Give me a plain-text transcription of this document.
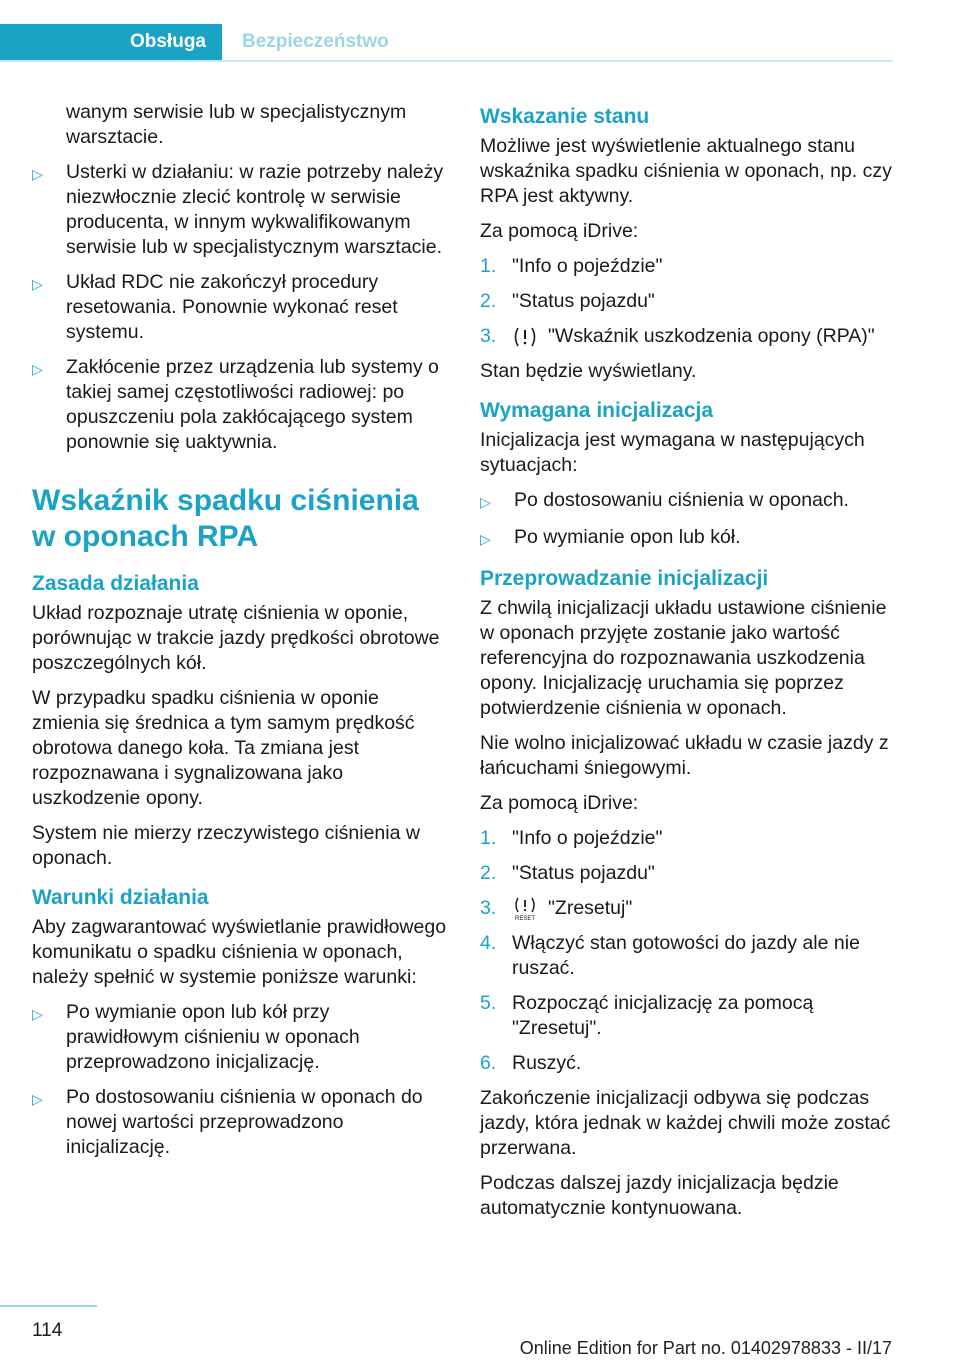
Obsługa	Bezpieczeństwo

wanym serwisie lub w specjalistycznym warsztacie.

▷	Usterki w działaniu: w razie potrzeby należy niezwłocznie zlecić kontrolę w serwisie producenta, w innym wykwalifikowanym serwisie lub w specjalistycznym warsztacie.
▷	Układ RDC nie zakończył procedury resetowania. Ponownie wykonać reset systemu.
▷	Zakłócenie przez urządzenia lub systemy o takiej samej częstotliwości radiowej: po opuszczeniu pola zakłócającego system ponownie się uaktywnia.
Wskaźnik spadku ciśnienia w oponach RPA
Zasada działania

Układ rozpoznaje utratę ciśnienia w oponie, porównując w trakcie jazdy prędkości obrotowe poszczególnych kół.

W przypadku spadku ciśnienia w oponie zmienia się średnica a tym samym prędkość obrotowa danego koła. Ta zmiana jest rozpoznawana i sygnalizowana jako uszkodzenie opony.

System nie mierzy rzeczywistego ciśnienia w oponach.

Warunki działania

Aby zagwarantować wyświetlanie prawidłowego komunikatu o spadku ciśnienia w oponach, należy spełnić w systemie poniższe warunki:

▷	Po wymianie opon lub kół przy prawidłowym ciśnieniu w oponach przeprowadzono inicjalizację.
▷	Po dostosowaniu ciśnienia w oponach do nowej wartości przeprowadzono inicjalizację.
Wskazanie stanu

Możliwe jest wyświetlenie aktualnego stanu wskaźnika spadku ciśnienia w oponach, np. czy RPA jest aktywny.

Za pomocą iDrive:

1. "Info o pojeździe"
2. "Status pojazdu"
3.	"Wskaźnik uszkodzenia opony (RPA)"

Stan będzie wyświetlany.

Wymagana inicjalizacja

Inicjalizacja jest wymagana w następujących sytuacjach:

▷	Po dostosowaniu ciśnienia w oponach.
▷	Po wymianie opon lub kół.
Przeprowadzanie inicjalizacji

Z chwilą inicjalizacji układu ustawione ciśnienie w oponach przyjęte zostanie jako wartość referencyjna do rozpoznawania uszkodzenia opony. Inicjalizację uruchamia się poprzez potwierdzenie ciśnienia w oponach.

Nie wolno inicjalizować układu w czasie jazdy z łańcuchami śniegowymi.

Za pomocą iDrive:

1. "Info o pojeździe"
2. "Status pojazdu"
3.	RESET "Zresetuj"
4. Włączyć stan gotowości do jazdy ale nie ruszać.
5. Rozpocząć inicjalizację za pomocą "Zresetuj".
6. Ruszyć.

Zakończenie inicjalizacji odbywa się podczas jazdy, która jednak w każdej chwili może zostać przerwana.

Podczas dalszej jazdy inicjalizacja będzie automatycznie kontynuowana.

114
Online Edition for Part no. 01402978833 - II/17
